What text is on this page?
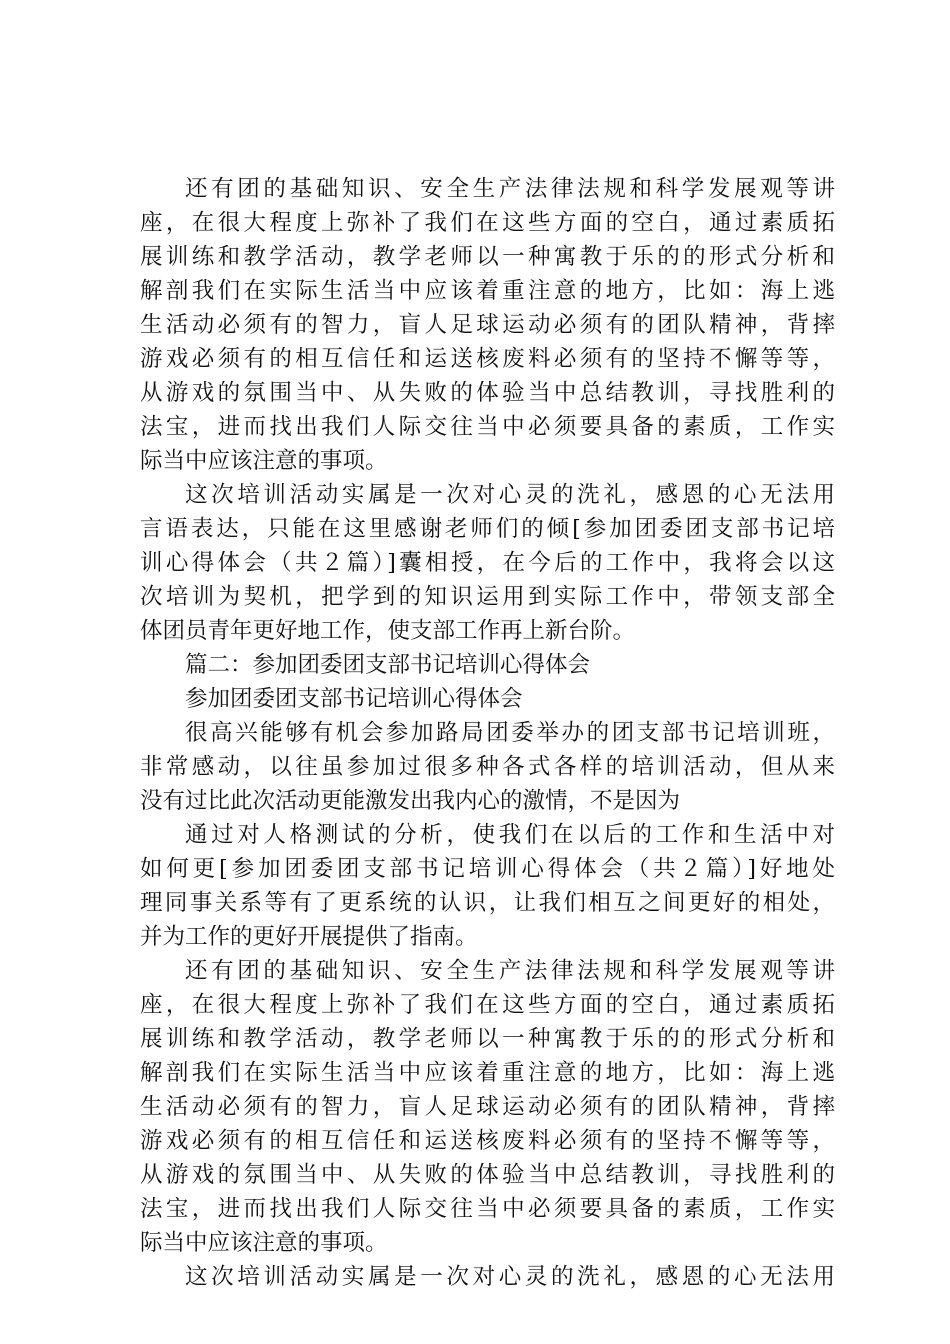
还有团的基础知识、安全生产法律法规和科学发展观等讲
座，在很大程度上弥补了我们在这些方面的空白，通过素质拓
展训练和教学活动，教学老师以一种寓教于乐的的形式分析和
解剖我们在实际生活当中应该着重注意的地方，比如：海上逃
生活动必须有的智力，盲人足球运动必须有的团队精神，背摔
游戏必须有的相互信任和运送核废料必须有的坚持不懈等等，
从游戏的氛围当中、从失败的体验当中总结教训，寻找胜利的
法宝，进而找出我们人际交往当中必须要具备的素质，工作实
际当中应该注意的事项。
这次培训活动实属是一次对心灵的洗礼，感恩的心无法用
言语表达，只能在这里感谢老师们的倾[参加团委团支部书记培
训心得体会（共２篇）]囊相授，在今后的工作中，我将会以这
次培训为契机，把学到的知识运用到实际工作中，带领支部全
体团员青年更好地工作，使支部工作再上新台阶。
篇二：参加团委团支部书记培训心得体会
参加团委团支部书记培训心得体会
很高兴能够有机会参加路局团委举办的团支部书记培训班，
非常感动，以往虽参加过很多种各式各样的培训活动，但从来
没有过比此次活动更能激发出我内心的激情，不是因为
通过对人格测试的分析，使我们在以后的工作和生活中对
如何更[参加团委团支部书记培训心得体会（共２篇）]好地处
理同事关系等有了更系统的认识，让我们相互之间更好的相处，
并为工作的更好开展提供了指南。
还有团的基础知识、安全生产法律法规和科学发展观等讲
座，在很大程度上弥补了我们在这些方面的空白，通过素质拓
展训练和教学活动，教学老师以一种寓教于乐的的形式分析和
解剖我们在实际生活当中应该着重注意的地方，比如：海上逃
生活动必须有的智力，盲人足球运动必须有的团队精神，背摔
游戏必须有的相互信任和运送核废料必须有的坚持不懈等等，
从游戏的氛围当中、从失败的体验当中总结教训，寻找胜利的
法宝，进而找出我们人际交往当中必须要具备的素质，工作实
际当中应该注意的事项。
这次培训活动实属是一次对心灵的洗礼，感恩的心无法用
